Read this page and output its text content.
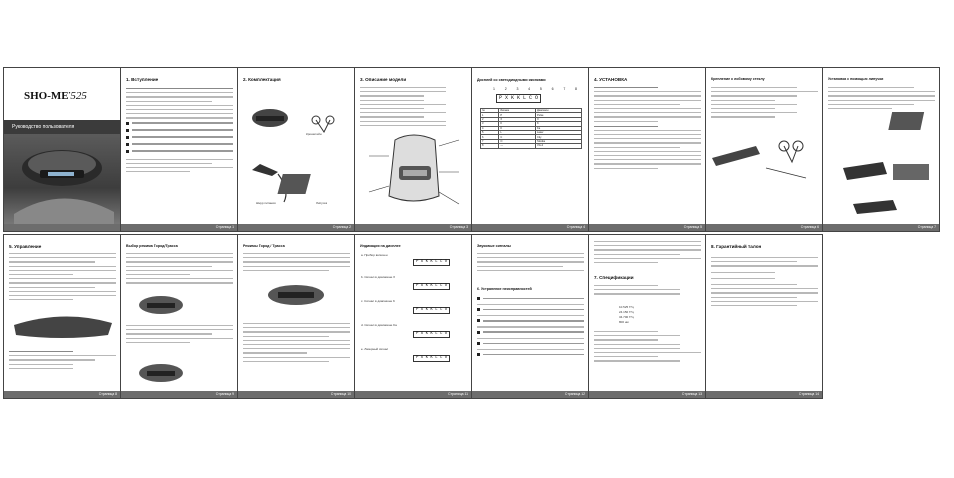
SHO-ME•525
Руководство пользователя
1. Вступление
Страница 1
2. Комплектация
Шнур питания	Липучка
Кронштейн
Страница 2
3. Описание модели
Страница 3
Дисплей со светодиодными иконками
1 2 3 4 5 6 7 8
P X K K L C O
№	Иконка	Диапазон
1	P	Pulse
2	X	X
3	K	K
4	K	Ka
5	L	Laser
6	C	City
7	O	Strelka
8	—	VG-2
Страница 4
4. УСТАНОВКА
Страница 5
Крепление к лобовому стеклу
Страница 6
Установка с помощью липучки
Страница 7
5. Управление
Страница 8
Выбор режима Город/Трасса
Страница 9
Режимы Город / Трасса
Страница 10
Индикация на дисплее
а. Прибор включен
P X K K L C O
b. Сигнал в диапазоне X
P X K K L C O
c. Сигнал в диапазоне K
P X K K L C O
d. Сигнал в диапазоне Ka
P X K K L C O
e. Лазерный сигнал
P X K K L C O
Страница 11
Звуковые сигналы
6. Устранение неисправностей
Страница 12
7. Спецификации
10.525 ГГц
24.150 ГГц
34.700 ГГц
800 нм
Страница 13
8. Гарантийный талон
Страница 14
